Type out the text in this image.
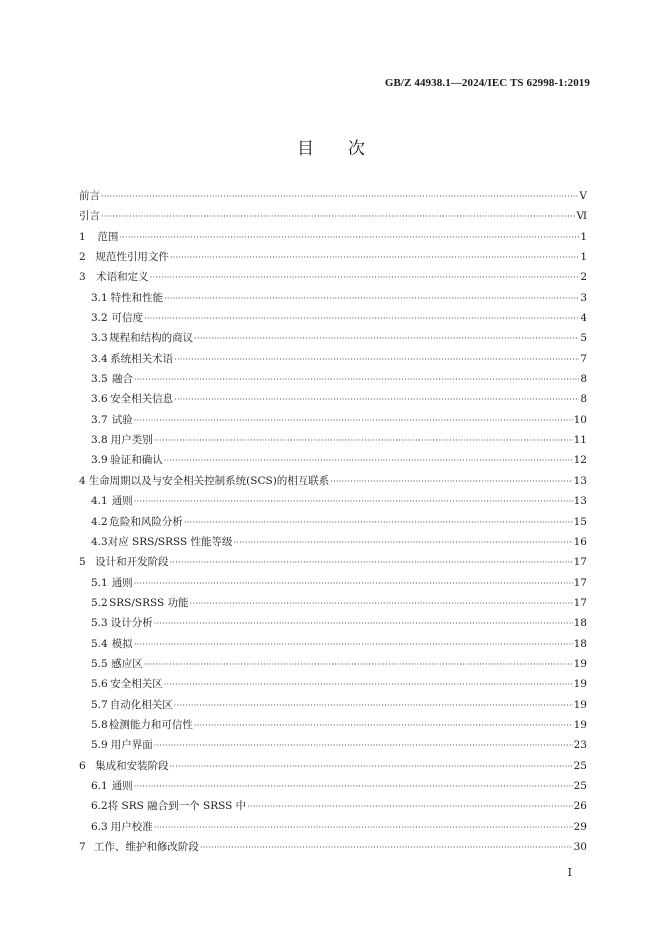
GB/Z 44938.1—2024/IEC TS 62998-1:2019
目次
前言 ·····	Ⅴ
引言 ·····	Ⅵ
1	范围 ·····	1
2 规范性引用文件 ·····	1
3 术语和定义 ·····	2
3.1 特性和性能 ·····	3
3.2 可信度 ·····	4
3.3 规程和结构的商议 ·····	5
3.4 系统相关术语 ·····	7
3.5 融合 ·····	8
3.6 安全相关信息 ·····	8
3.7 试验 ·····	10
3.8 用户类别 ·····	11
3.9 验证和确认 ·····	12
4 生命周期以及与安全相关控制系统(SCS)的相互联系 ·····	13
4.1 通则 ·····	13
4.2 危险和风险分析 ·····	15
4.3 对应 SRS/SRSS 性能等级 ·····	16
5 设计和开发阶段 ·····	17
5.1 通则 ·····	17
5.2 SRS/SRSS 功能 ·····	17
5.3 设计分析 ·····	18
5.4 模拟 ·····	18
5.5 感应区 ·····	19
5.6 安全相关区 ·····	19
5.7 自动化相关区 ·····	19
5.8 检测能力和可信性 ·····	19
5.9 用户界面 ·····	23
6 集成和安装阶段 ·····	25
6.1 通则 ·····	25
6.2 将 SRS 融合到一个 SRSS 中 ·····	26
6.3 用户校准 ·····	29
7 工作、维护和修改阶段 ·····	30
Ⅰ
